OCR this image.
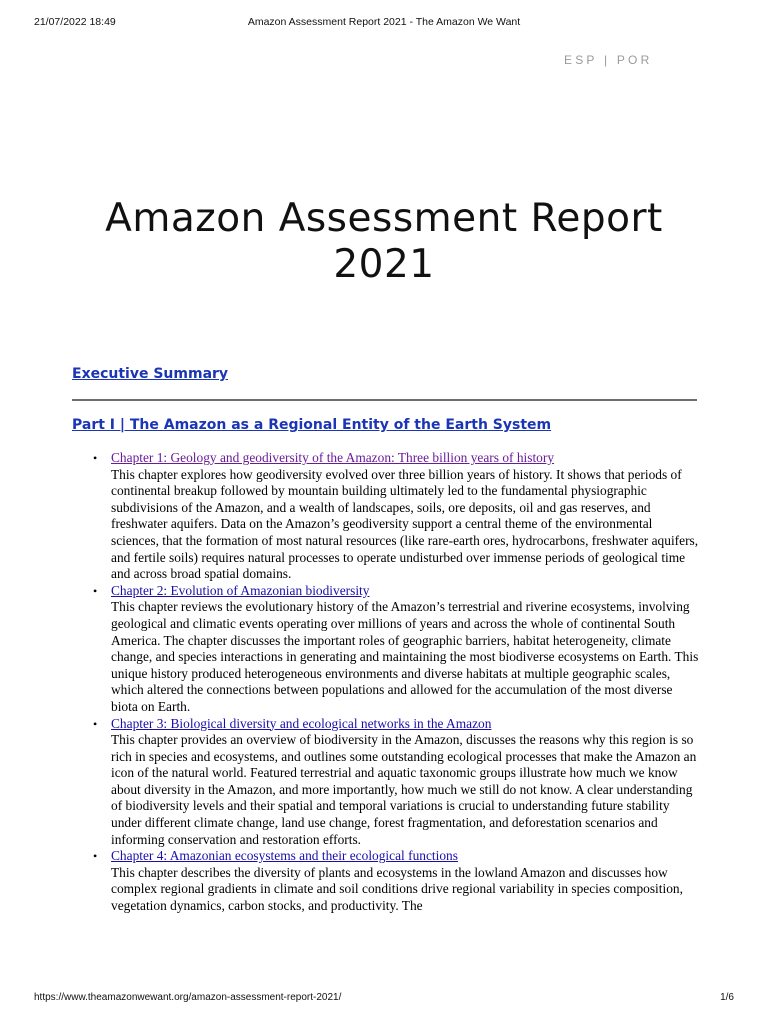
21/07/2022 18:49	Amazon Assessment Report 2021 - The Amazon We Want
ESP | POR
Amazon Assessment Report 2021
Executive Summary
Part I | The Amazon as a Regional Entity of the Earth System
• Chapter 1: Geology and geodiversity of the Amazon: Three billion years of history
This chapter explores how geodiversity evolved over three billion years of history. It shows that periods of continental breakup followed by mountain building ultimately led to the fundamental physiographic subdivisions of the Amazon, and a wealth of landscapes, soils, ore deposits, oil and gas reserves, and freshwater aquifers. Data on the Amazon’s geodiversity support a central theme of the environmental sciences, that the formation of most natural resources (like rare-earth ores, hydrocarbons, freshwater aquifers, and fertile soils) requires natural processes to operate undisturbed over immense periods of geological time and across broad spatial domains.
• Chapter 2: Evolution of Amazonian biodiversity
This chapter reviews the evolutionary history of the Amazon’s terrestrial and riverine ecosystems, involving geological and climatic events operating over millions of years and across the whole of continental South America. The chapter discusses the important roles of geographic barriers, habitat heterogeneity, climate change, and species interactions in generating and maintaining the most biodiverse ecosystems on Earth. This unique history produced heterogeneous environments and diverse habitats at multiple geographic scales, which altered the connections between populations and allowed for the accumulation of the most diverse biota on Earth.
• Chapter 3: Biological diversity and ecological networks in the Amazon
This chapter provides an overview of biodiversity in the Amazon, discusses the reasons why this region is so rich in species and ecosystems, and outlines some outstanding ecological processes that make the Amazon an icon of the natural world. Featured terrestrial and aquatic taxonomic groups illustrate how much we know about diversity in the Amazon, and more importantly, how much we still do not know. A clear understanding of biodiversity levels and their spatial and temporal variations is crucial to understanding future stability under different climate change, land use change, forest fragmentation, and deforestation scenarios and informing conservation and restoration efforts.
• Chapter 4: Amazonian ecosystems and their ecological functions
This chapter describes the diversity of plants and ecosystems in the lowland Amazon and discusses how complex regional gradients in climate and soil conditions drive regional variability in species composition, vegetation dynamics, carbon stocks, and productivity. The
https://www.theamazonwewant.org/amazon-assessment-report-2021/	1/6
